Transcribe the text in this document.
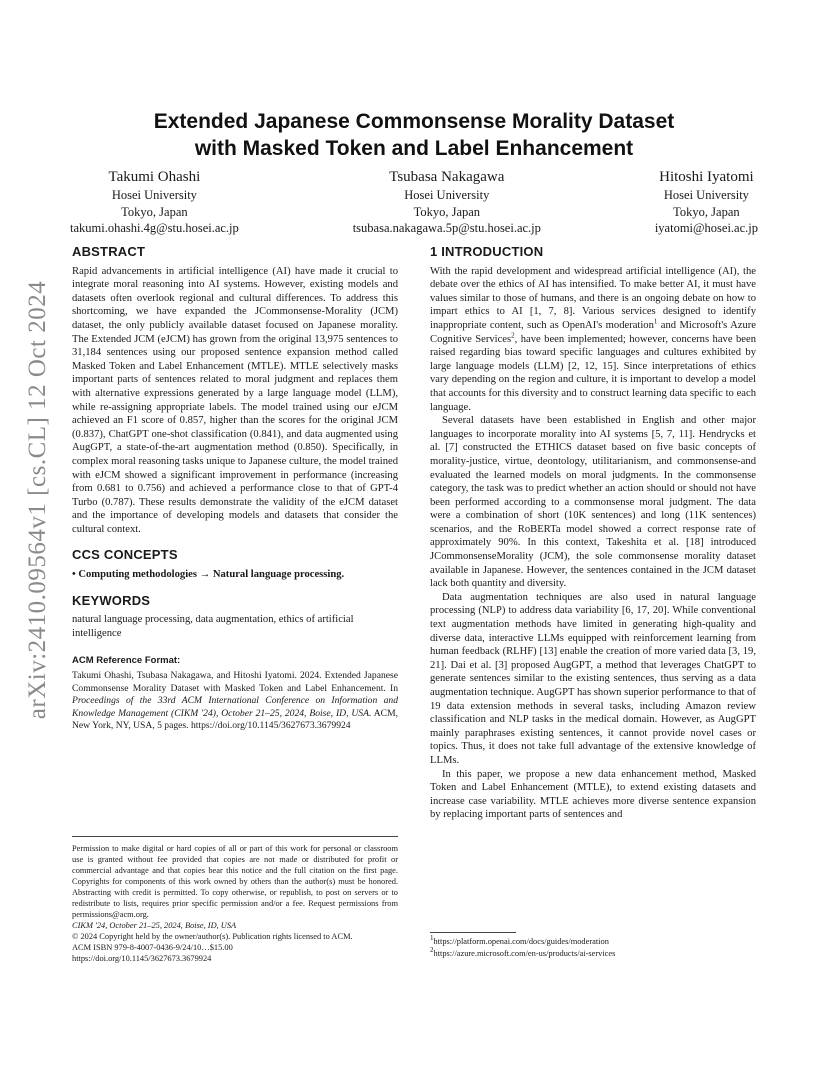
arXiv:2410.09564v1 [cs.CL] 12 Oct 2024
Extended Japanese Commonsense Morality Dataset
with Masked Token and Label Enhancement
Takumi Ohashi
Hosei University
Tokyo, Japan
takumi.ohashi.4g@stu.hosei.ac.jp
Tsubasa Nakagawa
Hosei University
Tokyo, Japan
tsubasa.nakagawa.5p@stu.hosei.ac.jp
Hitoshi Iyatomi
Hosei University
Tokyo, Japan
iyatomi@hosei.ac.jp
ABSTRACT

Rapid advancements in artificial intelligence (AI) have made it crucial to integrate moral reasoning into AI systems. However, existing models and datasets often overlook regional and cultural differences. To address this shortcoming, we have expanded the JCommonsense-Morality (JCM) dataset, the only publicly available dataset focused on Japanese morality. The Extended JCM (eJCM) has grown from the original 13,975 sentences to 31,184 sentences using our proposed sentence expansion method called Masked Token and Label Enhancement (MTLE). MTLE selectively masks important parts of sentences related to moral judgment and replaces them with alternative expressions generated by a large language model (LLM), while re-assigning appropriate labels. The model trained using our eJCM achieved an F1 score of 0.857, higher than the scores for the original JCM (0.837), ChatGPT one-shot classification (0.841), and data augmented using AugGPT, a state-of-the-art augmentation method (0.850). Specifically, in complex moral reasoning tasks unique to Japanese culture, the model trained with eJCM showed a significant improvement in performance (increasing from 0.681 to 0.756) and achieved a performance close to that of GPT-4 Turbo (0.787). These results demonstrate the validity of the eJCM dataset and the importance of developing models and datasets that consider the cultural context.

CCS CONCEPTS
• Computing methodologies → Natural language processing.
KEYWORDS

natural language processing, data augmentation, ethics of artificial intelligence

ACM Reference Format:
Takumi Ohashi, Tsubasa Nakagawa, and Hitoshi Iyatomi. 2024. Extended Japanese Commonsense Morality Dataset with Masked Token and Label Enhancement. In Proceedings of the 33rd ACM International Conference on Information and Knowledge Management (CIKM '24), October 21–25, 2024, Boise, ID, USA. ACM, New York, NY, USA, 5 pages. https://doi.org/10.1145/3627673.3679924

Permission to make digital or hard copies of all or part of this work for personal or classroom use is granted without fee provided that copies are not made or distributed for profit or commercial advantage and that copies bear this notice and the full citation on the first page. Copyrights for components of this work owned by others than the author(s) must be honored. Abstracting with credit is permitted. To copy otherwise, or republish, to post on servers or to redistribute to lists, requires prior specific permission and/or a fee. Request permissions from permissions@acm.org.

CIKM '24, October 21–25, 2024, Boise, ID, USA
© 2024 Copyright held by the owner/author(s). Publication rights licensed to ACM.
ACM ISBN 979-8-4007-0436-9/24/10…$15.00
https://doi.org/10.1145/3627673.3679924
1 INTRODUCTION

With the rapid development and widespread artificial intelligence (AI), the debate over the ethics of AI has intensified. To make better AI, it must have values similar to those of humans, and there is an ongoing debate on how to impart ethics to AI [1, 7, 8]. Various services designed to identify inappropriate content, such as OpenAI's moderation$^1$ and Microsoft's Azure Cognitive Services$^2$, have been implemented; however, concerns have been raised regarding bias toward specific languages and cultures exhibited by large language models (LLM) [2, 12, 15]. Since interpretations of ethics vary depending on the region and culture, it is important to develop a model that accounts for this diversity and to construct learning data specific to each language.

Several datasets have been established in English and other major languages to incorporate morality into AI systems [5, 7, 11]. Hendrycks et al. [7] constructed the ETHICS dataset based on five basic concepts of morality-justice, virtue, deontology, utilitarianism, and commonsense-and evaluated the learned models on moral judgments. In the commonsense category, the task was to predict whether an action should or should not have been performed according to a commonsense moral judgment. The data were a combination of short (10K sentences) and long (11K sentences) scenarios, and the RoBERTa model showed a correct response rate of approximately 90%. In this context, Takeshita et al. [18] introduced JCommonsenseMorality (JCM), the sole commonsense morality dataset available in Japanese. However, the sentences contained in the JCM dataset lack both quantity and diversity.

Data augmentation techniques are also used in natural language processing (NLP) to address data variability [6, 17, 20]. While conventional text augmentation methods have limited in generating high-quality and diverse data, interactive LLMs equipped with reinforcement learning from human feedback (RLHF) [13] enable the creation of more varied data [3, 19, 21]. Dai et al. [3] proposed AugGPT, a method that leverages ChatGPT to generate sentences similar to the existing sentences, thus serving as a data augmentation technique. AugGPT has shown superior performance to that of 19 data extension methods in several tasks, including Amazon review classification and NLP tasks in the medical domain. However, as AugGPT mainly paraphrases existing sentences, it cannot provide novel cases or topics. Thus, it does not take full advantage of the extensive knowledge of LLMs.

In this paper, we propose a new data enhancement method, Masked Token and Label Enhancement (MTLE), to extend existing datasets and increase case variability. MTLE achieves more diverse sentence expansion by replacing important parts of sentences and

$^1$https://platform.openai.com/docs/guides/moderation
$^2$https://azure.microsoft.com/en-us/products/ai-services
